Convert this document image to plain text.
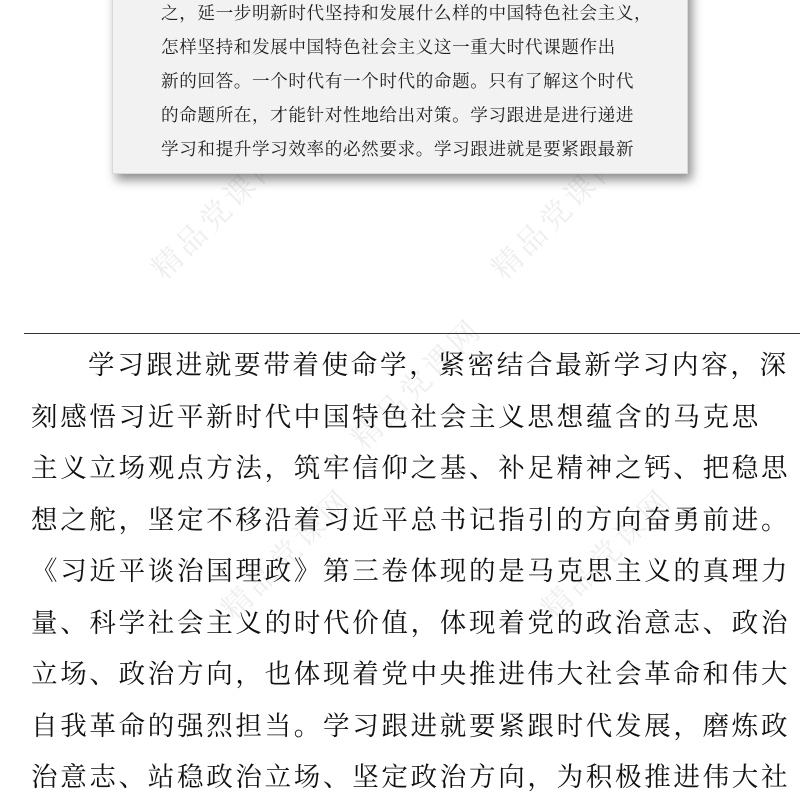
精品党课网	精品党课网
精品党课网
精品党课网	精品党课网
之，延一步明新时代坚持和发展什么样的中国特色社会主义，
怎样坚持和发展中国特色社会主义这一重大时代课题作出
新的回答。一个时代有一个时代的命题。只有了解这个时代
的命题所在，才能针对性地给出对策。学习跟进是进行递进
学习和提升学习效率的必然要求。学习跟进就是要紧跟最新
学习跟进就要带着使命学，紧密结合最新学习内容，深
刻感悟习近平新时代中国特色社会主义思想蕴含的马克思
主义立场观点方法，筑牢信仰之基、补足精神之钙、把稳思
想之舵，坚定不移沿着习近平总书记指引的方向奋勇前进。
《习近平谈治国理政》第三卷体现的是马克思主义的真理力
量、科学社会主义的时代价值，体现着党的政治意志、政治
立场、政治方向，也体现着党中央推进伟大社会革命和伟大
自我革命的强烈担当。学习跟进就要紧跟时代发展，磨炼政
治意志、站稳政治立场、坚定政治方向，为积极推进伟大社
